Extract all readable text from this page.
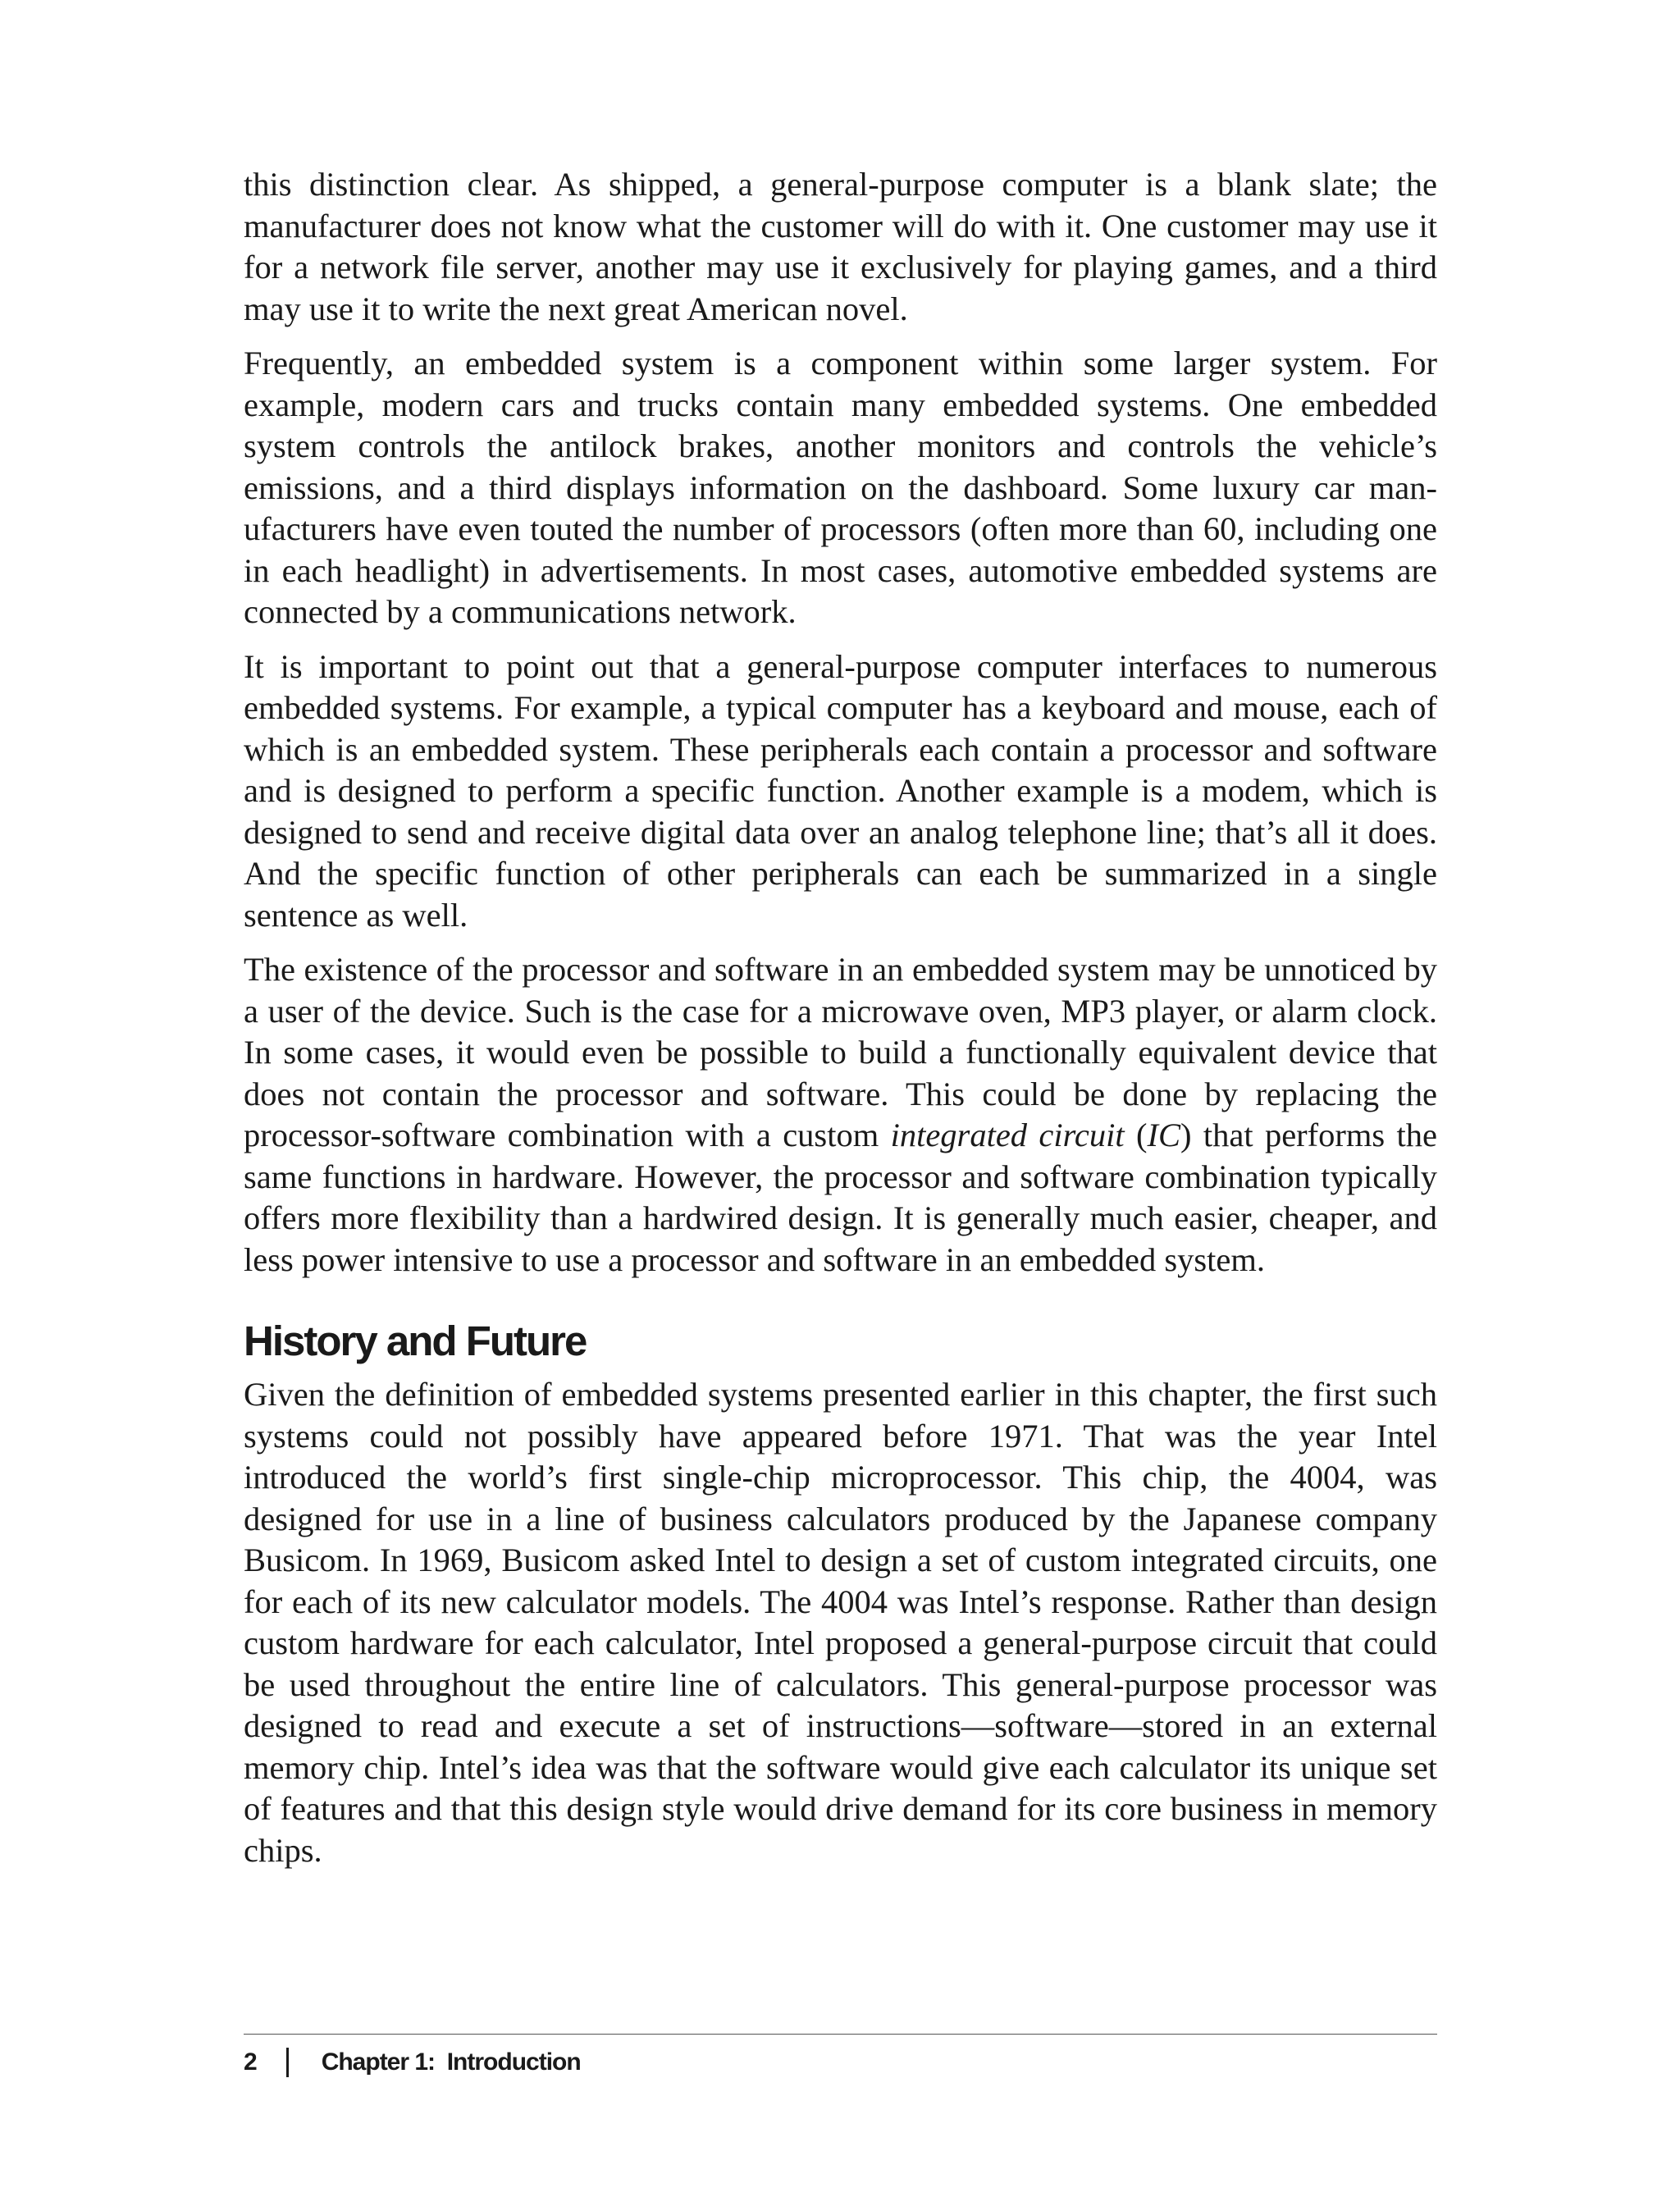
this distinction clear. As shipped, a general-purpose computer is a blank slate; the manufacturer does not know what the customer will do with it. One customer may use it for a network file server, another may use it exclusively for playing games, and a third may use it to write the next great American novel.

Frequently, an embedded system is a component within some larger system. For example, modern cars and trucks contain many embedded systems. One embedded system controls the antilock brakes, another monitors and controls the vehicle’s emissions, and a third displays information on the dashboard. Some luxury car manufacturers have even touted the number of processors (often more than 60, including one in each headlight) in advertisements. In most cases, automotive embedded systems are connected by a communications network.

It is important to point out that a general-purpose computer interfaces to numerous embedded systems. For example, a typical computer has a keyboard and mouse, each of which is an embedded system. These peripherals each contain a processor and software and is designed to perform a specific function. Another example is a modem, which is designed to send and receive digital data over an analog telephone line; that’s all it does. And the specific function of other peripherals can each be summarized in a single sentence as well.

The existence of the processor and software in an embedded system may be unnoticed by a user of the device. Such is the case for a microwave oven, MP3 player, or alarm clock. In some cases, it would even be possible to build a functionally equivalent device that does not contain the processor and software. This could be done by replacing the processor-software combination with a custom integrated circuit (IC) that performs the same functions in hardware. However, the processor and software combination typically offers more flexibility than a hardwired design. It is generally much easier, cheaper, and less power intensive to use a processor and software in an embedded system.

History and Future

Given the definition of embedded systems presented earlier in this chapter, the first such systems could not possibly have appeared before 1971. That was the year Intel introduced the world’s first single-chip microprocessor. This chip, the 4004, was designed for use in a line of business calculators produced by the Japanese company Busicom. In 1969, Busicom asked Intel to design a set of custom integrated circuits, one for each of its new calculator models. The 4004 was Intel’s response. Rather than design custom hardware for each calculator, Intel proposed a general-purpose circuit that could be used throughout the entire line of calculators. This general-purpose processor was designed to read and execute a set of instructions—software—stored in an external memory chip. Intel’s idea was that the software would give each calculator its unique set of features and that this design style would drive demand for its core business in memory chips.

2	Chapter 1:  Introduction
